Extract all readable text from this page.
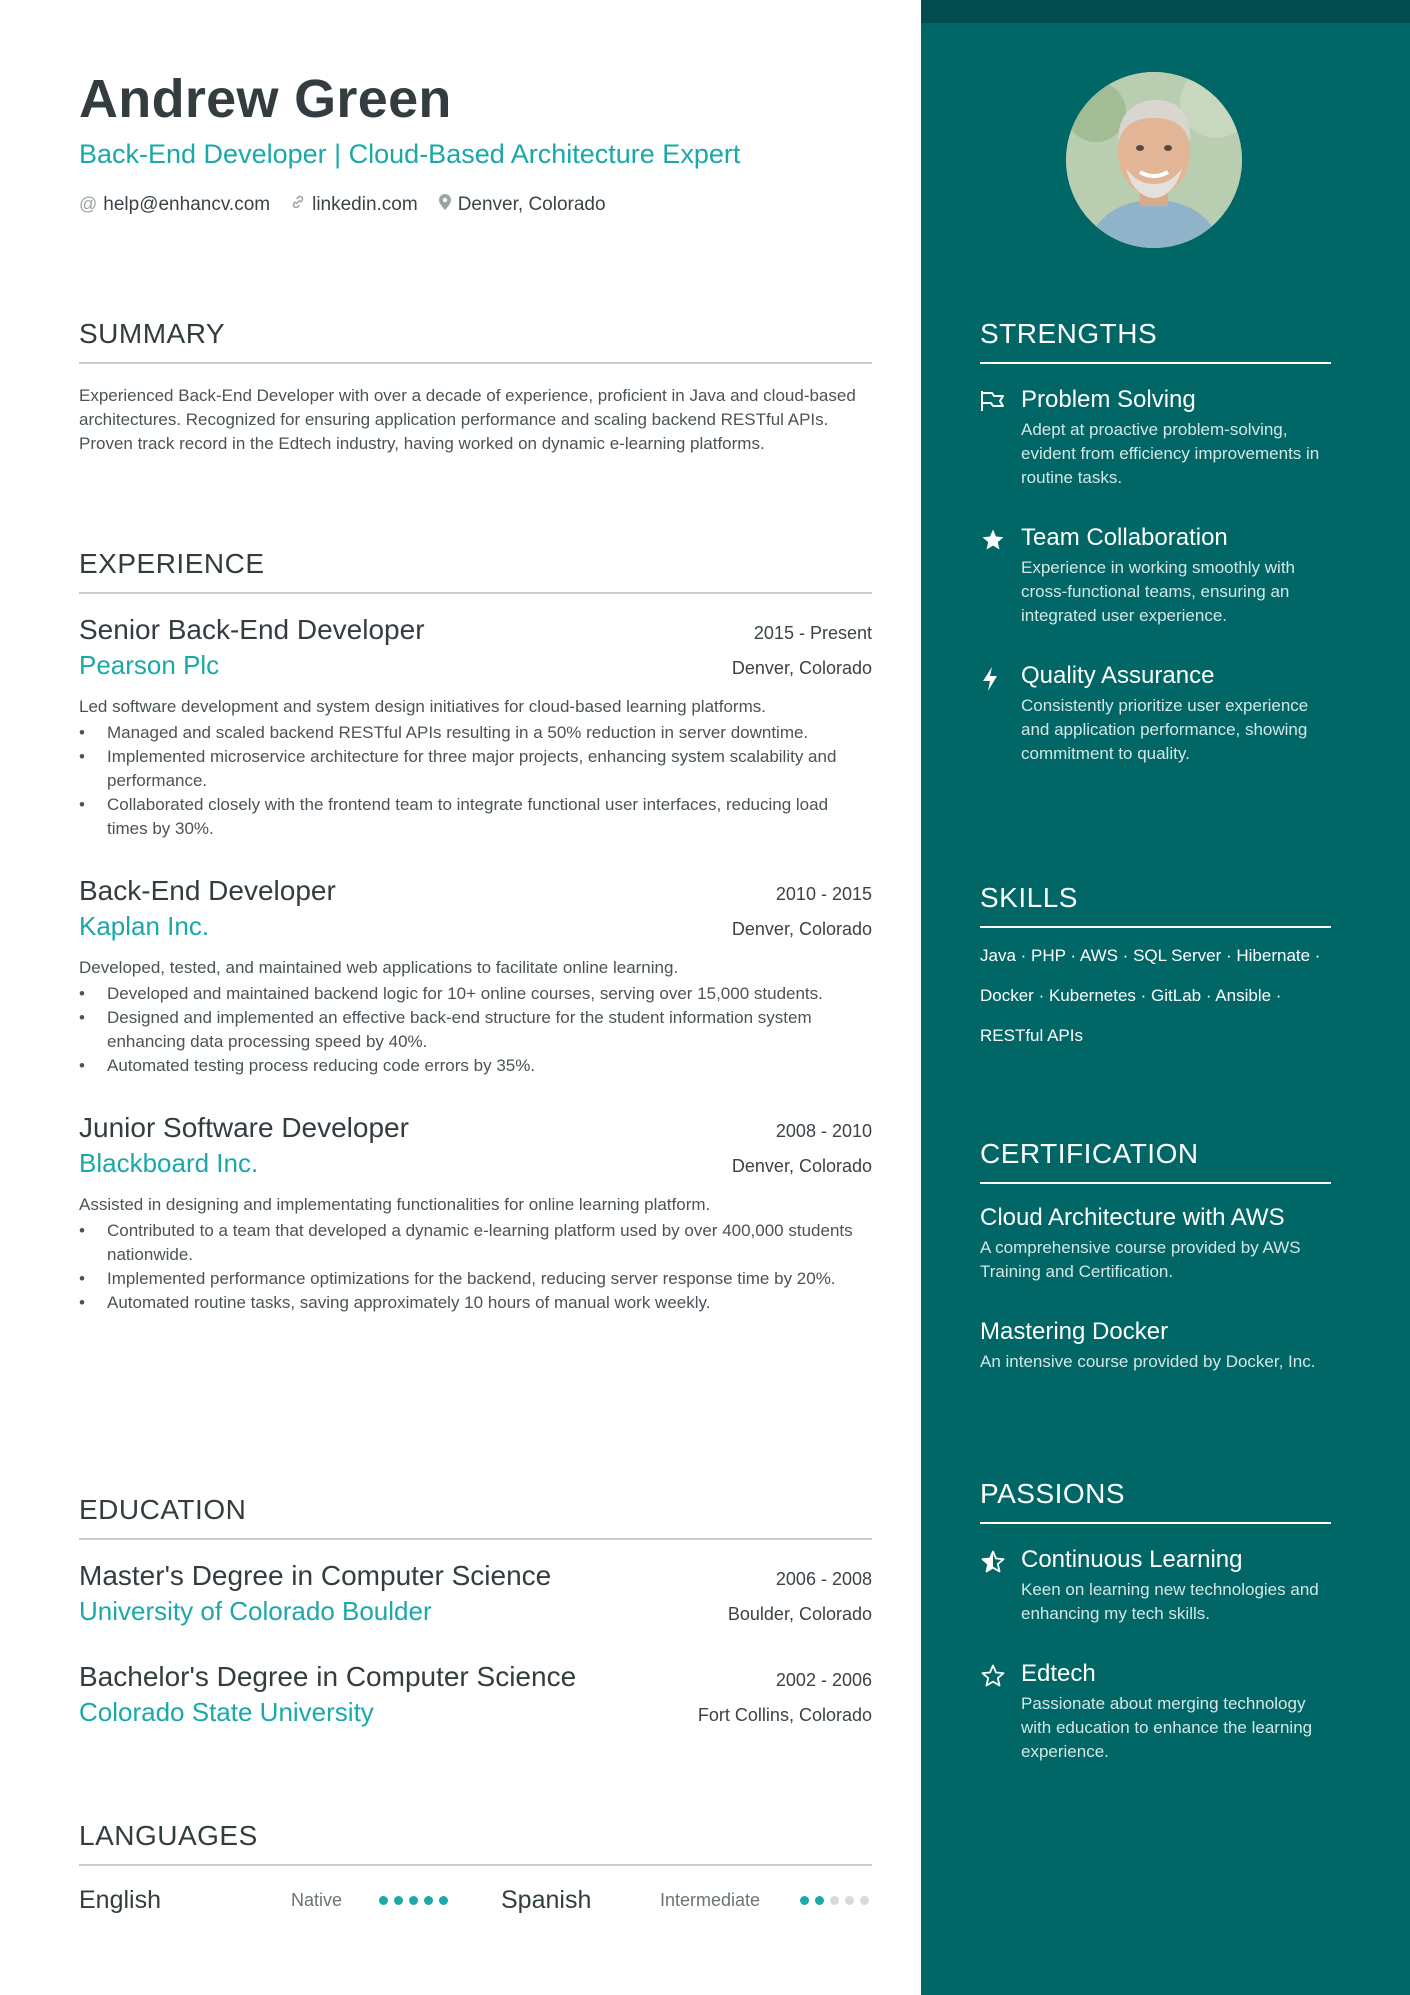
Andrew Green
Back-End Developer | Cloud-Based Architecture Expert
@ help@enhancv.com linkedin.com Denver, Colorado
SUMMARY
Experienced Back-End Developer with over a decade of experience, proficient in Java and cloud-based architectures. Recognized for ensuring application performance and scaling backend RESTful APIs. Proven track record in the Edtech industry, having worked on dynamic e-learning platforms.
EXPERIENCE
Senior Back-End Developer	2015 - Present
Pearson Plc	Denver, Colorado
Led software development and system design initiatives for cloud-based learning platforms.
• Managed and scaled backend RESTful APIs resulting in a 50% reduction in server downtime.
• Implemented microservice architecture for three major projects, enhancing system scalability and performance.
• Collaborated closely with the frontend team to integrate functional user interfaces, reducing load times by 30%.
Back-End Developer	2010 - 2015
Kaplan Inc.	Denver, Colorado
Developed, tested, and maintained web applications to facilitate online learning.
• Developed and maintained backend logic for 10+ online courses, serving over 15,000 students.
• Designed and implemented an effective back-end structure for the student information system enhancing data processing speed by 40%.
• Automated testing process reducing code errors by 35%.
Junior Software Developer	2008 - 2010
Blackboard Inc.	Denver, Colorado
Assisted in designing and implementating functionalities for online learning platform.
• Contributed to a team that developed a dynamic e-learning platform used by over 400,000 students nationwide.
• Implemented performance optimizations for the backend, reducing server response time by 20%.
• Automated routine tasks, saving approximately 10 hours of manual work weekly.
EDUCATION
Master's Degree in Computer Science	2006 - 2008
University of Colorado Boulder	Boulder, Colorado
Bachelor's Degree in Computer Science	2002 - 2006
Colorado State University	Fort Collins, Colorado
LANGUAGES
English	Native	Spanish	Intermediate
STRENGTHS
Problem Solving
Adept at proactive problem-solving, evident from efficiency improvements in routine tasks.
Team Collaboration
Experience in working smoothly with cross-functional teams, ensuring an integrated user experience.
Quality Assurance
Consistently prioritize user experience and application performance, showing commitment to quality.
SKILLS
Java · PHP · AWS · SQL Server · Hibernate · Docker · Kubernetes · GitLab · Ansible · RESTful APIs
CERTIFICATION
Cloud Architecture with AWS
A comprehensive course provided by AWS Training and Certification.
Mastering Docker
An intensive course provided by Docker, Inc.
PASSIONS
Continuous Learning
Keen on learning new technologies and enhancing my tech skills.
Edtech
Passionate about merging technology with education to enhance the learning experience.
